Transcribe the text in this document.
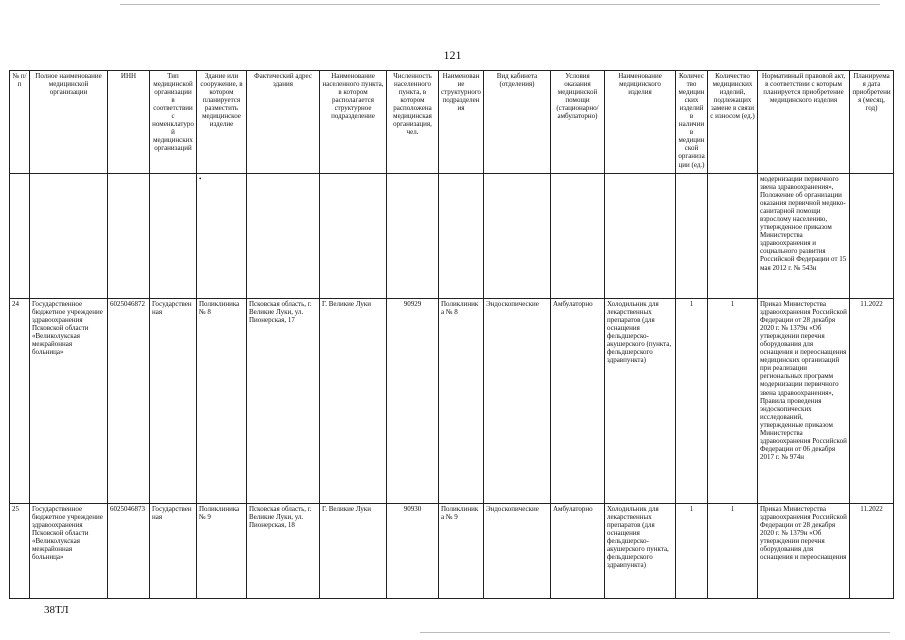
121
№ п/п	Полное наименование медицинской организации	ИНН	Тип медицинской организации в соответствии с номенклатурой медицинских организаций	Здание или сооружение, в котором планируется разместить медицинское изделие	Фактический адрес здания	Наименование населенного пункта, в котором располагается структурное подразделение	Численность населенного пункта, в котором расположена медицинская организация, чел.	Наименование структурного подразделения	Вид кабинета (отделения)	Условия оказания медицинской помощи (стационарно/амбулаторно)	Наименование медицинского изделия	Количество медицинских изделий в наличии в медицинской организации (ед.)	Количество медицинских изделий, подлежащих замене в связи с износом (ед.)	Нормативный правовой акт, в соответствии с которым планируется приобретение медицинского изделия	Планируемая дата приобретения (месяц, год)
				•										модернизации первичного звена здравоохранения», Положение об организации оказания первичной медико-санитарной помощи взрослому населению, утвержденное приказом Министерства здравоохранения и социального развития Российской Федерации от 15 мая 2012 г. № 543н	
24	Государственное бюджетное учреждение здравоохранения Псковской области «Великолукская межрайонная больница»	6025046872	Государственная	Поликлиника № 8	Псковская область, г. Великие Луки, ул. Пионерская, 17	Г. Великие Луки	90929	Поликлиника № 8	Эндоскопические	Амбулаторно	Холодильник для лекарственных препаратов (для оснащения фельдшерско-акушерского (пункта, фельдшерского здравпункта)	1	1	Приказ Министерства здравоохранения Российской Федерации от 28 декабря 2020 г. № 1379н «Об утверждении перечня оборудования для оснащения и переоснащения медицинских организаций при реализации региональных программ модернизации первичного звена здравоохранения», Правила проведения эндоскопических исследований, утвержденные приказом Министерства здравоохранения Российской Федерации от 06 декабря 2017 г. № 974н	11.2022
25	Государственное бюджетное учреждение здравоохранения Псковской области «Великолукская межрайонная больница»	6025046873	Государственная	Поликлиника № 9	Псковская область, г. Великие Луки, ул. Пионерская, 18	Г. Великие Луки	90930	Поликлиника № 9	Эндоскопические	Амбулаторно	Холодильник для лекарственных препаратов (для оснащения фельдшерско-акушерского пункта, фельдшерского здравпункта)	1	1	Приказ Министерства здравоохранения Российской Федерации от 28 декабря 2020 г. № 1379н «Об утверждении перечня оборудования для оснащения и переоснащения	11.2022
38ТЛ
